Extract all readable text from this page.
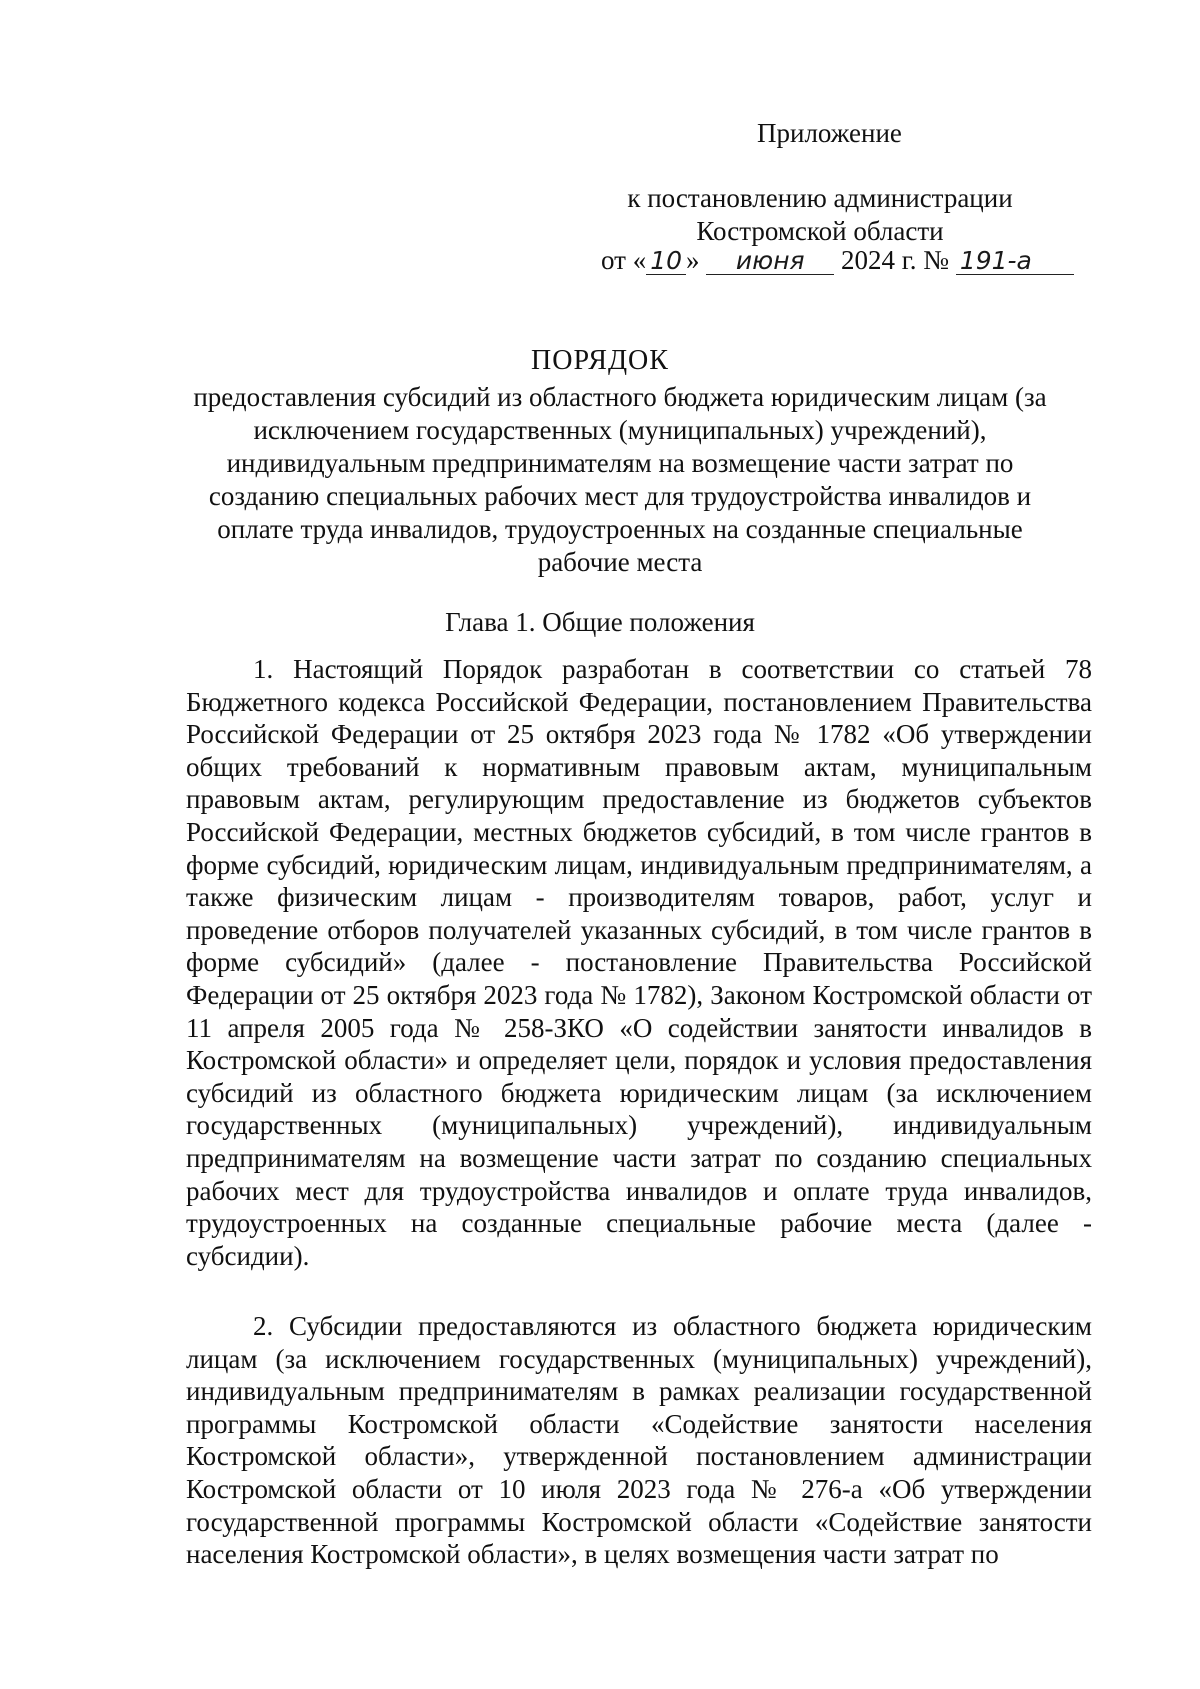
Приложение
к постановлению администрации
Костромской области
от « 10 » июня 2024 г. № 191-а
ПОРЯДОК
предоставления субсидий из областного бюджета юридическим лицам (за исключением государственных (муниципальных) учреждений), индивидуальным предпринимателям на возмещение части затрат по созданию специальных рабочих мест для трудоустройства инвалидов и оплате труда инвалидов, трудоустроенных на созданные специальные рабочие места
Глава 1. Общие положения

1. Настоящий Порядок разработан в соответствии со статьей 78 Бюджетного кодекса Российской Федерации, постановлением Правительства Российской Федерации от 25 октября 2023 года № 1782 «Об утверждении общих требований к нормативным правовым актам, муниципальным правовым актам, регулирующим предоставление из бюджетов субъектов Российской Федерации, местных бюджетов субсидий, в том числе грантов в форме субсидий, юридическим лицам, индивидуальным предпринимателям, а также физическим лицам - производителям товаров, работ, услуг и проведение отборов получателей указанных субсидий, в том числе грантов в форме субсидий» (далее - постановление Правительства Российской Федерации от 25 октября 2023 года № 1782), Законом Костромской области от 11 апреля 2005 года № 258-ЗКО «О содействии занятости инвалидов в Костромской области» и определяет цели, порядок и условия предоставления субсидий из областного бюджета юридическим лицам (за исключением государственных (муниципальных) учреждений), индивидуальным предпринимателям на возмещение части затрат по созданию специальных рабочих мест для трудоустройства инвалидов и оплате труда инвалидов, трудоустроенных на созданные специальные рабочие места (далее - субсидии).

2. Субсидии предоставляются из областного бюджета юридическим лицам (за исключением государственных (муниципальных) учреждений), индивидуальным предпринимателям в рамках реализации государственной программы Костромской области «Содействие занятости населения Костромской области», утвержденной постановлением администрации Костромской области от 10 июля 2023 года № 276-а «Об утверждении государственной программы Костромской области «Содействие занятости населения Костромской области», в целях возмещения части затрат по
